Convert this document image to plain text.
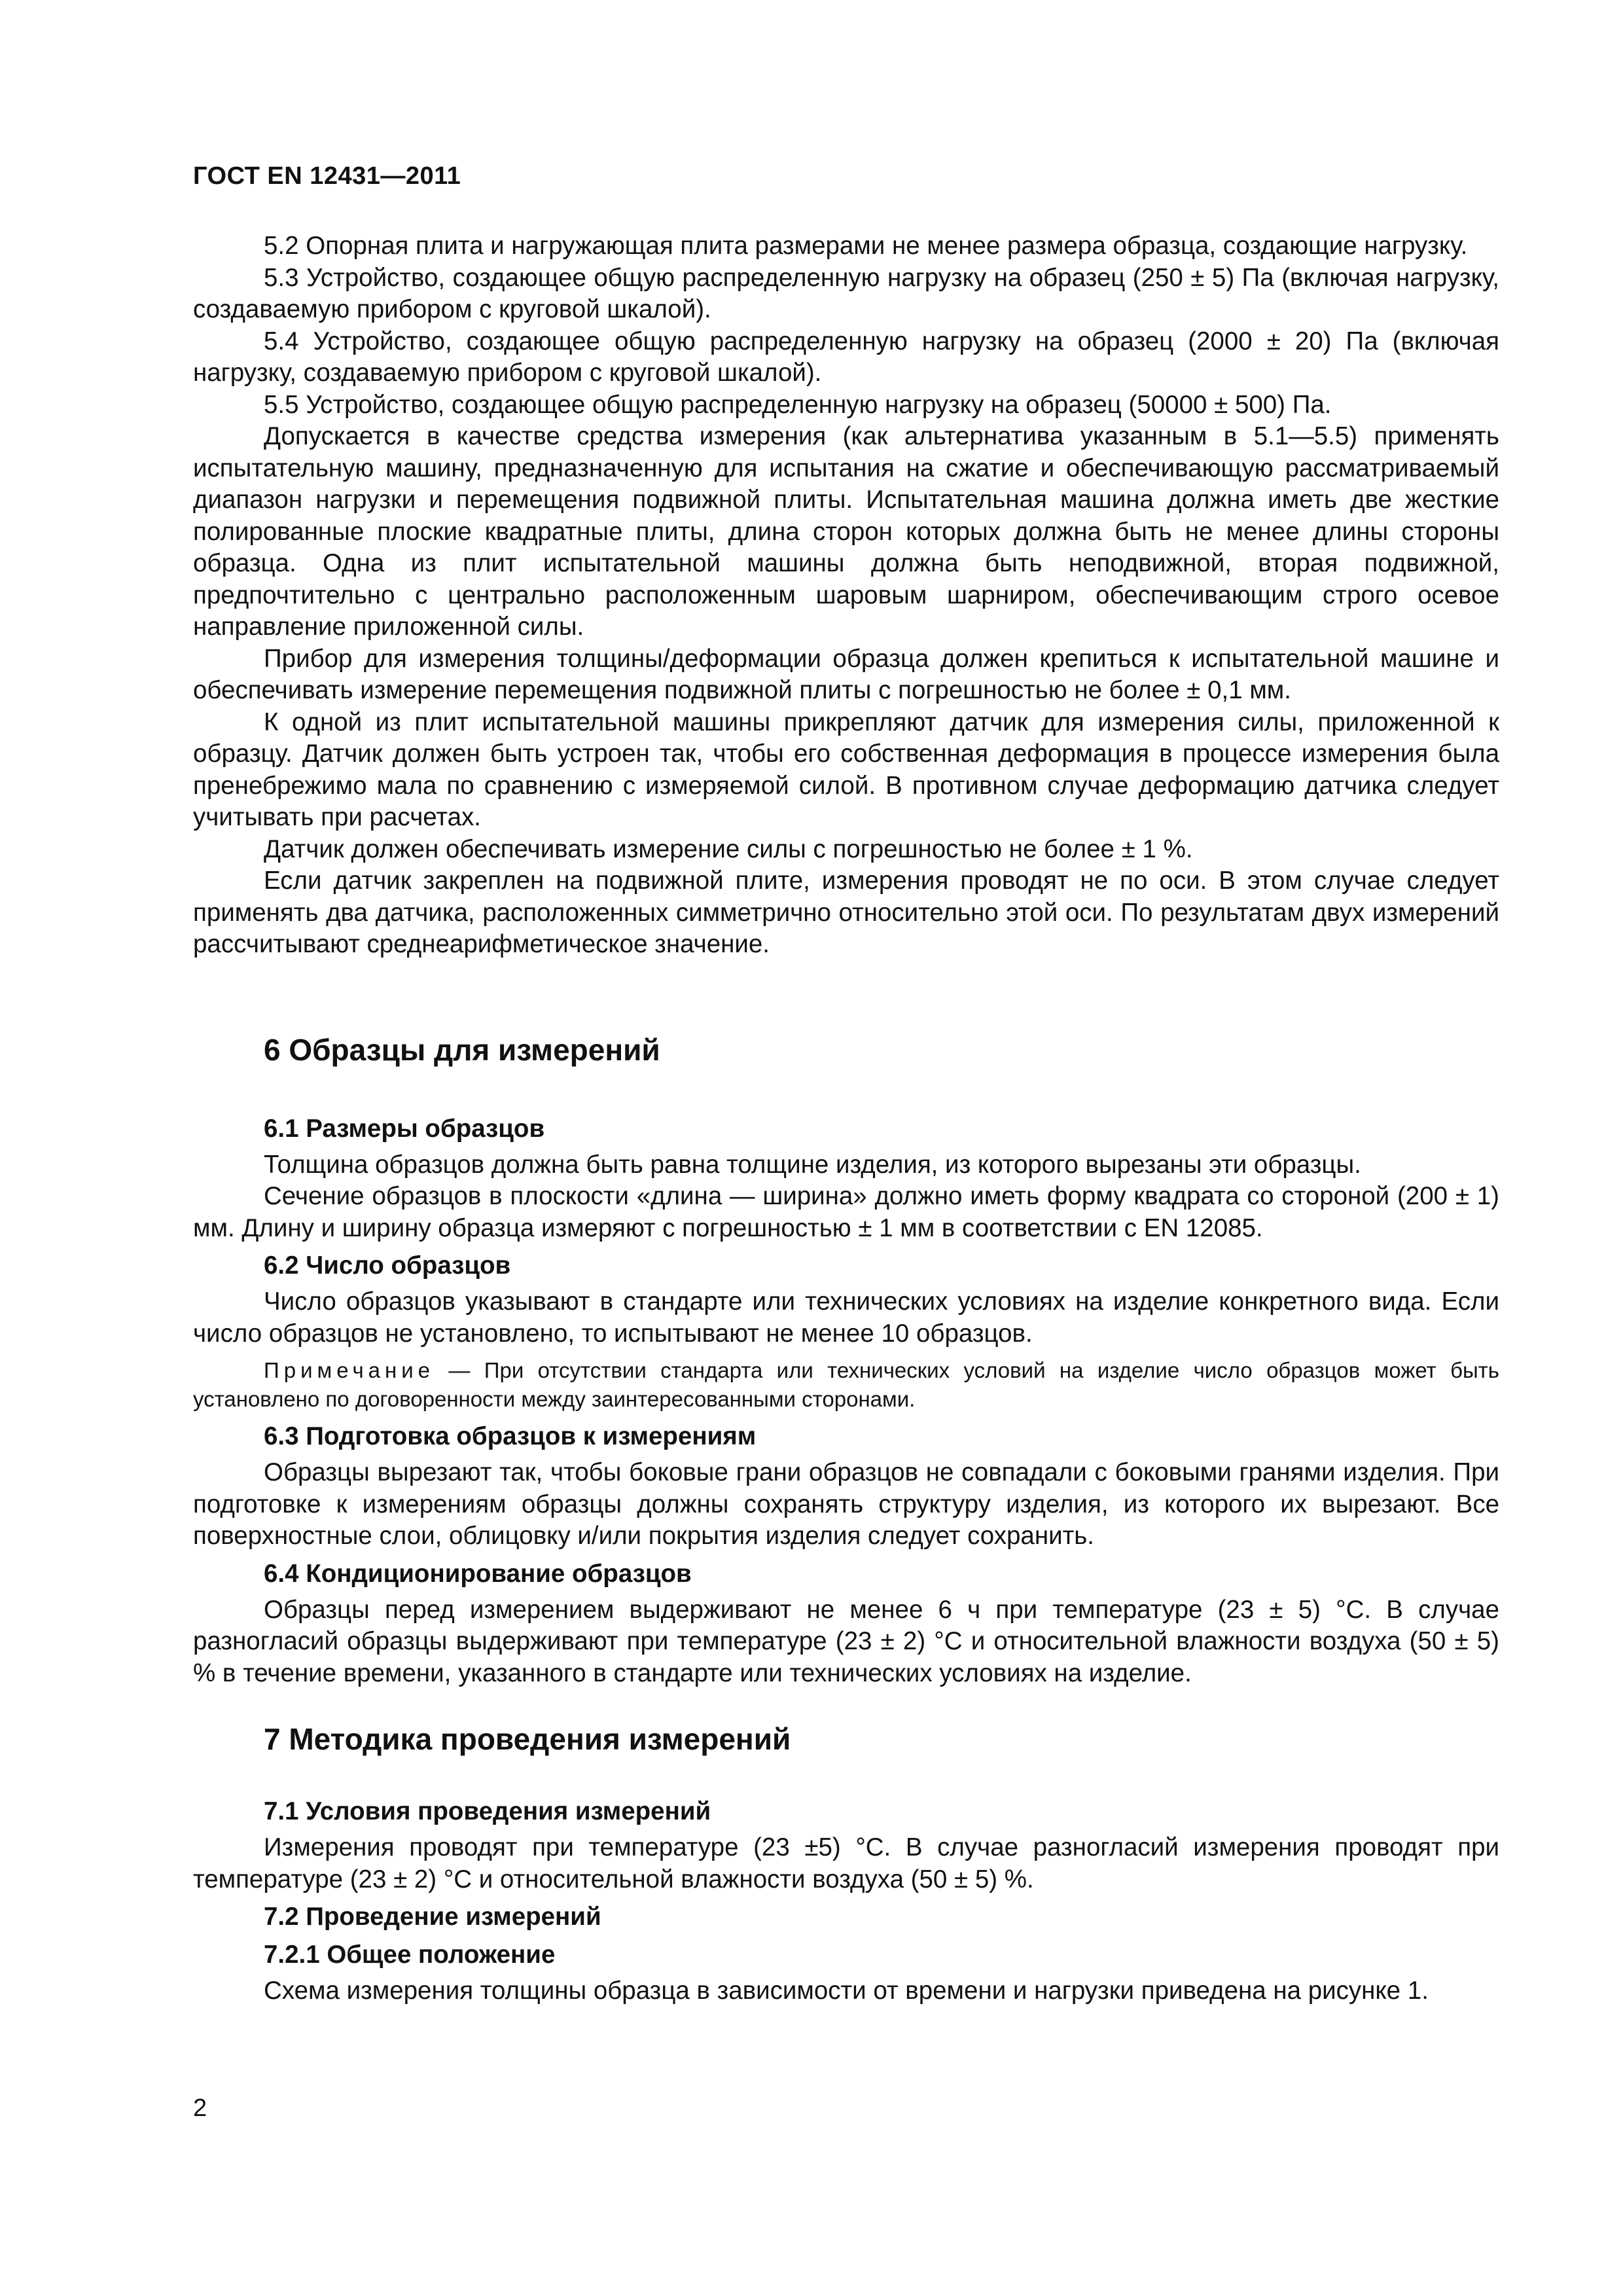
ГОСТ EN 12431—2011

5.2 Опорная плита и нагружающая плита размерами не менее размера образца, создающие нагрузку.

5.3 Устройство, создающее общую распределенную нагрузку на образец (250 ± 5) Па (включая нагрузку, создаваемую прибором с круговой шкалой).

5.4 Устройство, создающее общую распределенную нагрузку на образец (2000 ± 20) Па (включая нагрузку, создаваемую прибором с круговой шкалой).

5.5 Устройство, создающее общую распределенную нагрузку на образец (50000 ± 500) Па.

Допускается в качестве средства измерения (как альтернатива указанным в 5.1—5.5) применять испытательную машину, предназначенную для испытания на сжатие и обеспечивающую рассматриваемый диапазон нагрузки и перемещения подвижной плиты. Испытательная машина должна иметь две жесткие полированные плоские квадратные плиты, длина сторон которых должна быть не менее длины стороны образца. Одна из плит испытательной машины должна быть неподвижной, вторая подвижной, предпочтительно с центрально расположенным шаровым шарниром, обеспечивающим строго осевое направление приложенной силы.

Прибор для измерения толщины/деформации образца должен крепиться к испытательной машине и обеспечивать измерение перемещения подвижной плиты с погрешностью не более ± 0,1 мм.

К одной из плит испытательной машины прикрепляют датчик для измерения силы, приложенной к образцу. Датчик должен быть устроен так, чтобы его собственная деформация в процессе измерения была пренебрежимо мала по сравнению с измеряемой силой. В противном случае деформацию датчика следует учитывать при расчетах.

Датчик должен обеспечивать измерение силы с погрешностью не более ± 1 %.

Если датчик закреплен на подвижной плите, измерения проводят не по оси. В этом случае следует применять два датчика, расположенных симметрично относительно этой оси. По результатам двух измерений рассчитывают среднеарифметическое значение.

6 Образцы для измерений
6.1 Размеры образцов

Толщина образцов должна быть равна толщине изделия, из которого вырезаны эти образцы.

Сечение образцов в плоскости «длина — ширина» должно иметь форму квадрата со стороной (200 ± 1) мм. Длину и ширину образца измеряют с погрешностью ± 1 мм в соответствии с EN 12085.

6.2 Число образцов

Число образцов указывают в стандарте или технических условиях на изделие конкретного вида. Если число образцов не установлено, то испытывают не менее 10 образцов.

Примечание — При отсутствии стандарта или технических условий на изделие число образцов может быть установлено по договоренности между заинтересованными сторонами.
6.3 Подготовка образцов к измерениям

Образцы вырезают так, чтобы боковые грани образцов не совпадали с боковыми гранями изделия. При подготовке к измерениям образцы должны сохранять структуру изделия, из которого их вырезают. Все поверхностные слои, облицовку и/или покрытия изделия следует сохранить.

6.4 Кондиционирование образцов

Образцы перед измерением выдерживают не менее 6 ч при температуре (23 ± 5) °С. В случае разногласий образцы выдерживают при температуре (23 ± 2) °С и относительной влажности воздуха (50 ± 5) % в течение времени, указанного в стандарте или технических условиях на изделие.

7 Методика проведения измерений
7.1 Условия проведения измерений

Измерения проводят при температуре (23 ±5) °С. В случае разногласий измерения проводят при температуре (23 ± 2) °С и относительной влажности воздуха (50 ± 5) %.

7.2 Проведение измерений
7.2.1 Общее положение

Схема измерения толщины образца в зависимости от времени и нагрузки приведена на рисунке 1.

2
